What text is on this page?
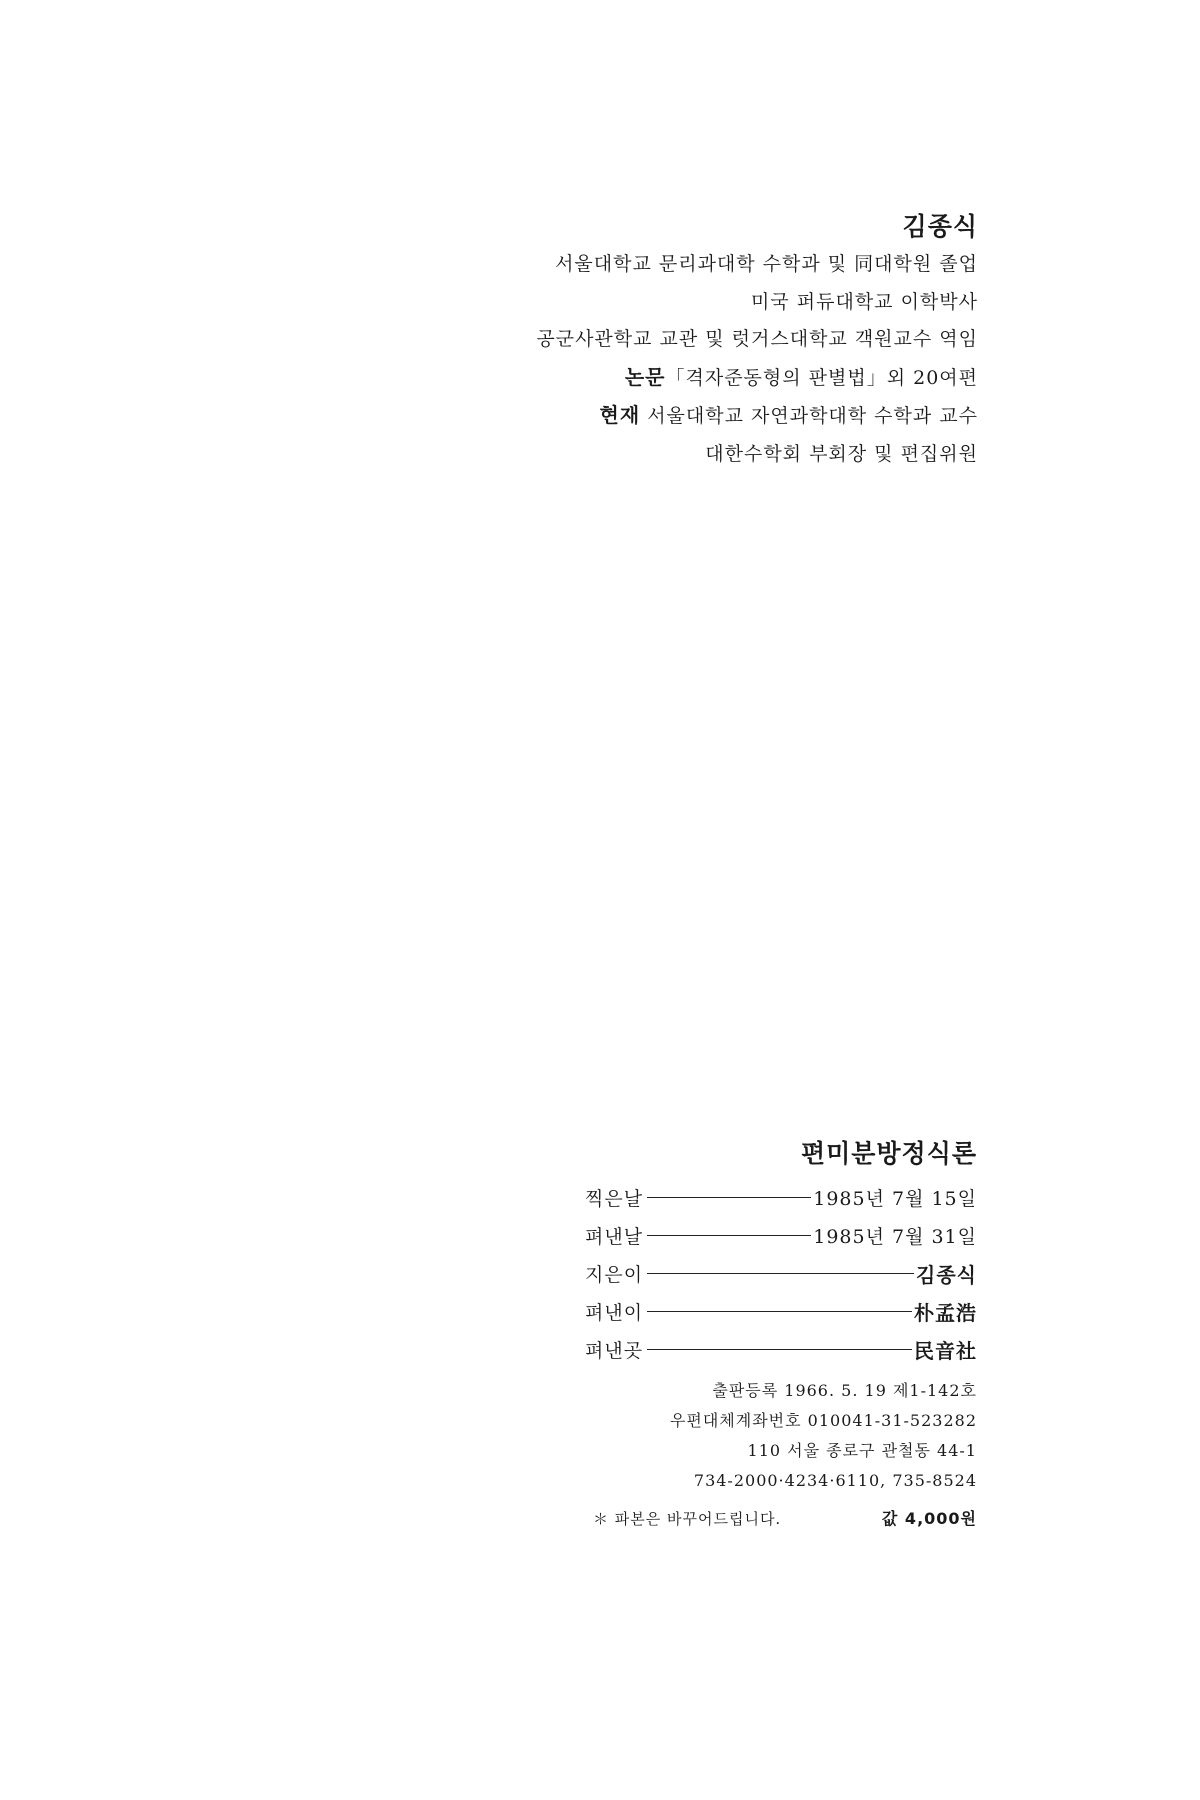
김종식
서울대학교 문리과대학 수학과 및 同대학원 졸업
미국 퍼듀대학교 이학박사
공군사관학교 교관 및 럿거스대학교 객원교수 역임
논문「격자준동형의 판별법」외 20여편
현재 서울대학교 자연과학대학 수학과 교수
대한수학회 부회장 및 편집위원
편미분방정식론
찍은날	1985년 7월 15일
펴낸날	1985년 7월 31일
지은이	김종식
펴낸이	朴孟浩
펴낸곳	民音社
출판등록 1966. 5. 19 제1-142호
우편대체계좌번호 010041-31-523282
110 서울 종로구 관철동 44-1
734-2000·4234·6110, 735-8524
＊ 파본은 바꾸어드립니다.	값 4,000원
